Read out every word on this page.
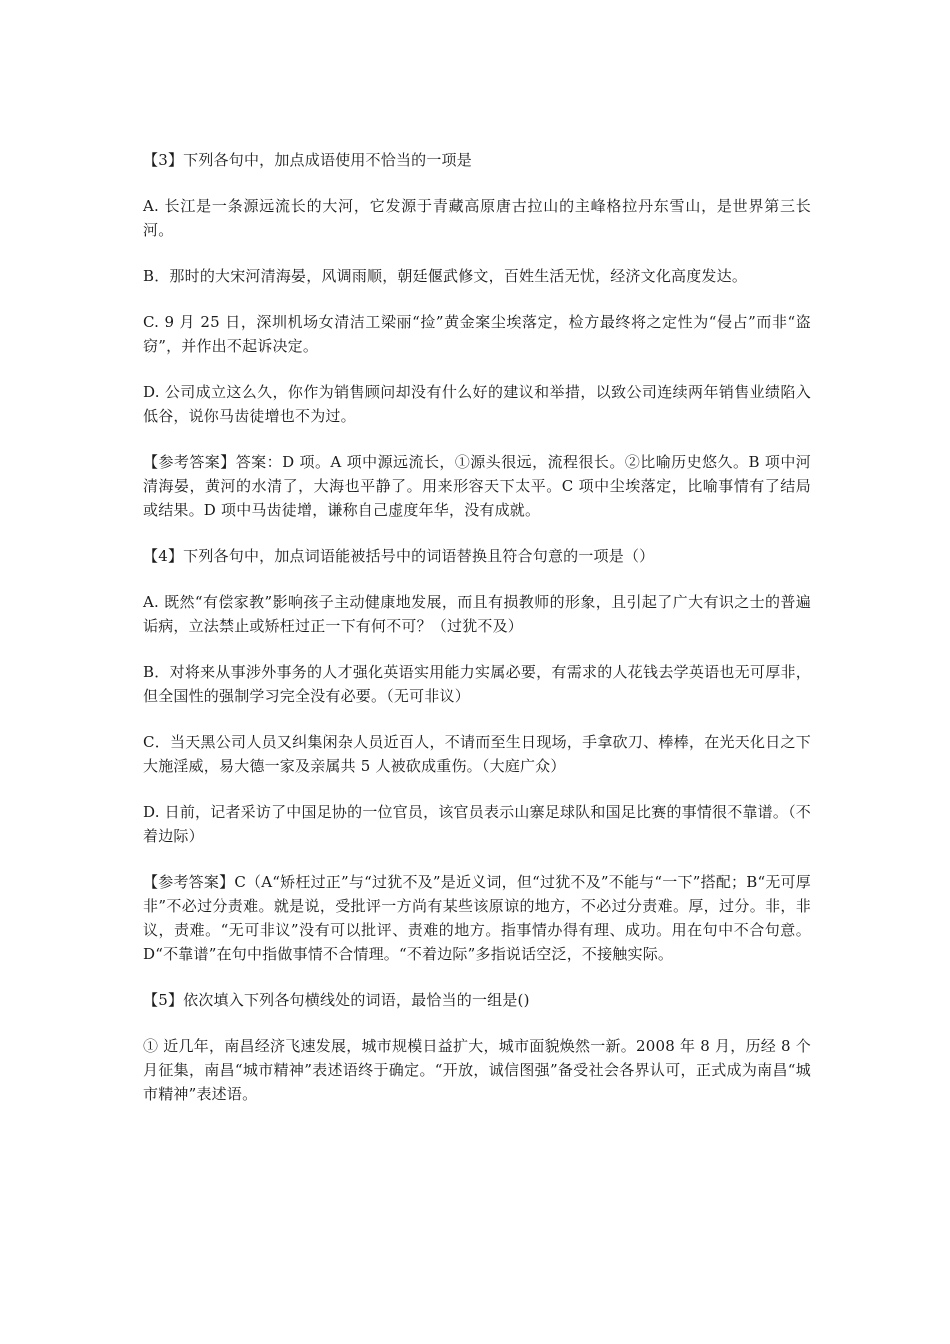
【3】下列各句中，加点成语使用不恰当的一项是

A. 长江是一条源远流长的大河，它发源于青藏高原唐古拉山的主峰格拉丹东雪山，是世界第三长河。

B．那时的大宋河清海晏，风调雨顺，朝廷偃武修文，百姓生活无忧，经济文化高度发达。

C. 9 月 25 日，深圳机场女清洁工梁丽“捡”黄金案尘埃落定，检方最终将之定性为“侵占”而非“盗窃”，并作出不起诉决定。

D. 公司成立这么久，你作为销售顾问却没有什么好的建议和举措，以致公司连续两年销售业绩陷入低谷，说你马齿徒增也不为过。

【参考答案】答案：D 项。A 项中源远流长，①源头很远，流程很长。②比喻历史悠久。B 项中河清海晏，黄河的水清了，大海也平静了。用来形容天下太平。C 项中尘埃落定，比喻事情有了结局或结果。D 项中马齿徒增，谦称自己虚度年华，没有成就。

【4】下列各句中，加点词语能被括号中的词语替换且符合句意的一项是（）

A. 既然“有偿家教”影响孩子主动健康地发展，而且有损教师的形象，且引起了广大有识之士的普遍诟病，立法禁止或矫枉过正一下有何不可？（过犹不及）

B．对将来从事涉外事务的人才强化英语实用能力实属必要，有需求的人花钱去学英语也无可厚非，但全国性的强制学习完全没有必要。（无可非议）

C．当天黑公司人员又纠集闲杂人员近百人，不请而至生日现场，手拿砍刀、棒棒，在光天化日之下大施淫威，易大德一家及亲属共 5 人被砍成重伤。（大庭广众）

D. 日前，记者采访了中国足协的一位官员，该官员表示山寨足球队和国足比赛的事情很不靠谱。（不着边际）

【参考答案】C（A“矫枉过正”与“过犹不及”是近义词，但“过犹不及”不能与“一下”搭配；B“无可厚非”不必过分责难。就是说，受批评一方尚有某些该原谅的地方，不必过分责难。厚，过分。非，非议，责难。“无可非议”没有可以批评、责难的地方。指事情办得有理、成功。用在句中不合句意。D“不靠谱”在句中指做事情不合情理。“不着边际”多指说话空泛，不接触实际。

【5】依次填入下列各句横线处的词语，最恰当的一组是()

① 近几年，南昌经济飞速发展，城市规模日益扩大，城市面貌焕然一新。2008 年 8 月，历经 8 个月征集，南昌“城市精神”表述语终于确定。“开放，诚信图强”备受社会各界认可，正式成为南昌“城市精神”表述语。
